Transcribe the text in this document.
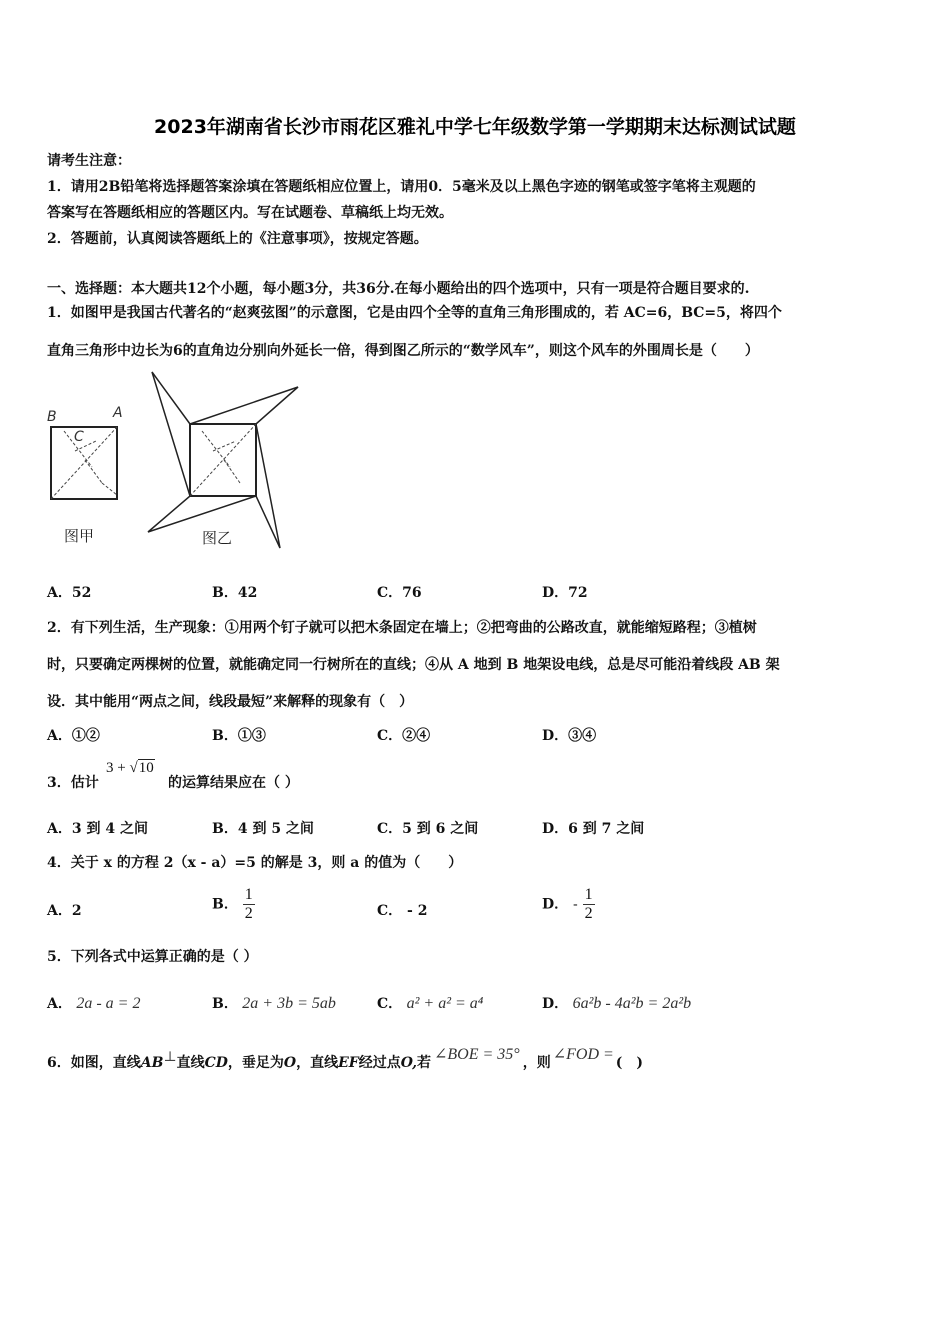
2023年湖南省长沙市雨花区雅礼中学七年级数学第一学期期末达标测试试题
请考生注意：
1．请用2B铅笔将选择题答案涂填在答题纸相应位置上，请用0．5毫米及以上黑色字迹的钢笔或签字笔将主观题的
答案写在答题纸相应的答题区内。写在试题卷、草稿纸上均无效。
2．答题前，认真阅读答题纸上的《注意事项》，按规定答题。
一、选择题：本大题共12个小题，每小题3分，共36分.在每小题给出的四个选项中，只有一项是符合题目要求的.
1．如图甲是我国古代著名的“赵爽弦图”的示意图，它是由四个全等的直角三角形围成的，若 AC=6，BC=5，将四个
直角三角形中边长为6的直角边分别向外延长一倍，得到图乙所示的“数学风车”，则这个风车的外围周长是（　　）
B	A
C
图甲	图乙
A．52	B．42	C．76	D．72
2．有下列生活，生产现象：①用两个钉子就可以把木条固定在墙上；②把弯曲的公路改直，就能缩短路程；③植树
时，只要确定两棵树的位置，就能确定同一行树所在的直线；④从 A 地到 B 地架设电线，总是尽可能沿着线段 AB 架
设．其中能用“两点之间，线段最短”来解释的现象有（　）
A．①②	B．①③	C．②④	D．③④
3．估计
3 + √10
的运算结果应在（ ）
A．3 到 4 之间	B．4 到 5 之间	C．5 到 6 之间	D．6 到 7 之间
4．关于 x 的方程 2（x - a）=5 的解是 3，则 a 的值为（　　）
A．2	B． $\frac{1}{2}$	C． - 2	D． - $\frac{1}{2}$
5．下列各式中运算正确的是（ ）
A． 2a - a = 2	B． 2a + 3b = 5ab	C． a² + a² = a⁴	D． 6a²b - 4a²b = 2a²b
6．如图，直线AB⊥直线CD，垂足为O，直线EF经过点O,若 ∠BOE = 35° ，则 ∠FOD = (　)
